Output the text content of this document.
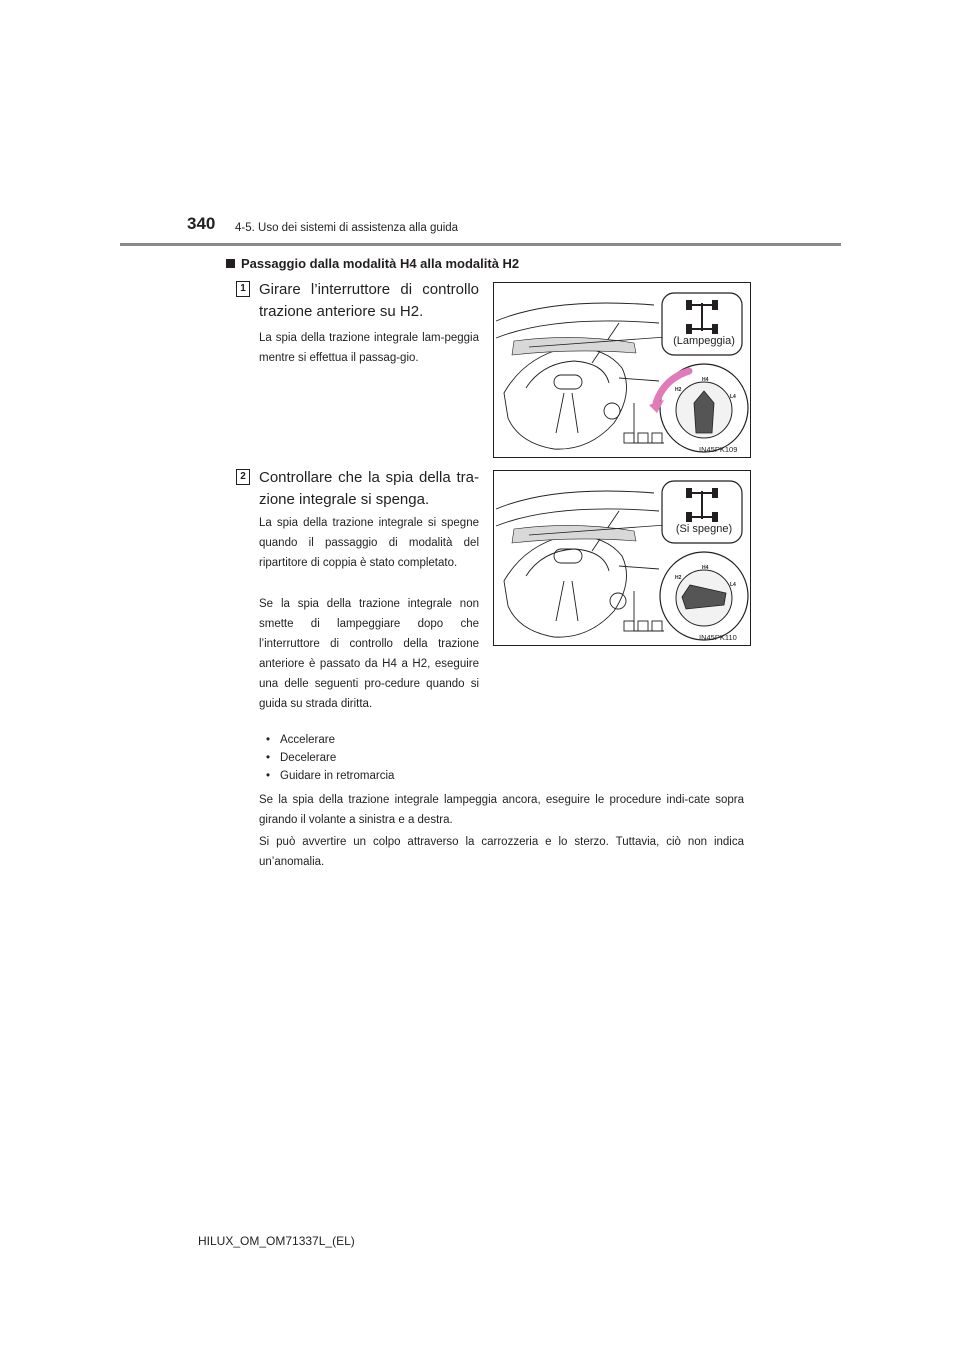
340 4-5. Uso dei sistemi di assistenza alla guida
Passaggio dalla modalità H4 alla modalità H2
1 Girare l’interruttore di controllo trazione anteriore su H2.
La spia della trazione integrale lam-peggia mentre si effettua il passag-gio.
(Lampeggia)
H2
H4
L4
IN45PK109
2 Controllare che la spia della tra-zione integrale si spenga.
La spia della trazione integrale si spegne quando il passaggio di modalità del ripartitore di coppia è stato completato.
Se la spia della trazione integrale non smette di lampeggiare dopo che l’interruttore di controllo della trazione anteriore è passato da H4 a H2, eseguire una delle seguenti pro-cedure quando si guida su strada diritta.
(Si spegne)
H2
H4
L4
IN45PK110
• Accelerare
• Decelerare
• Guidare in retromarcia
Se la spia della trazione integrale lampeggia ancora, eseguire le procedure indi-cate sopra girando il volante a sinistra e a destra.
Si può avvertire un colpo attraverso la carrozzeria e lo sterzo. Tuttavia, ciò non indica un’anomalia.
HILUX_OM_OM71337L_(EL)
